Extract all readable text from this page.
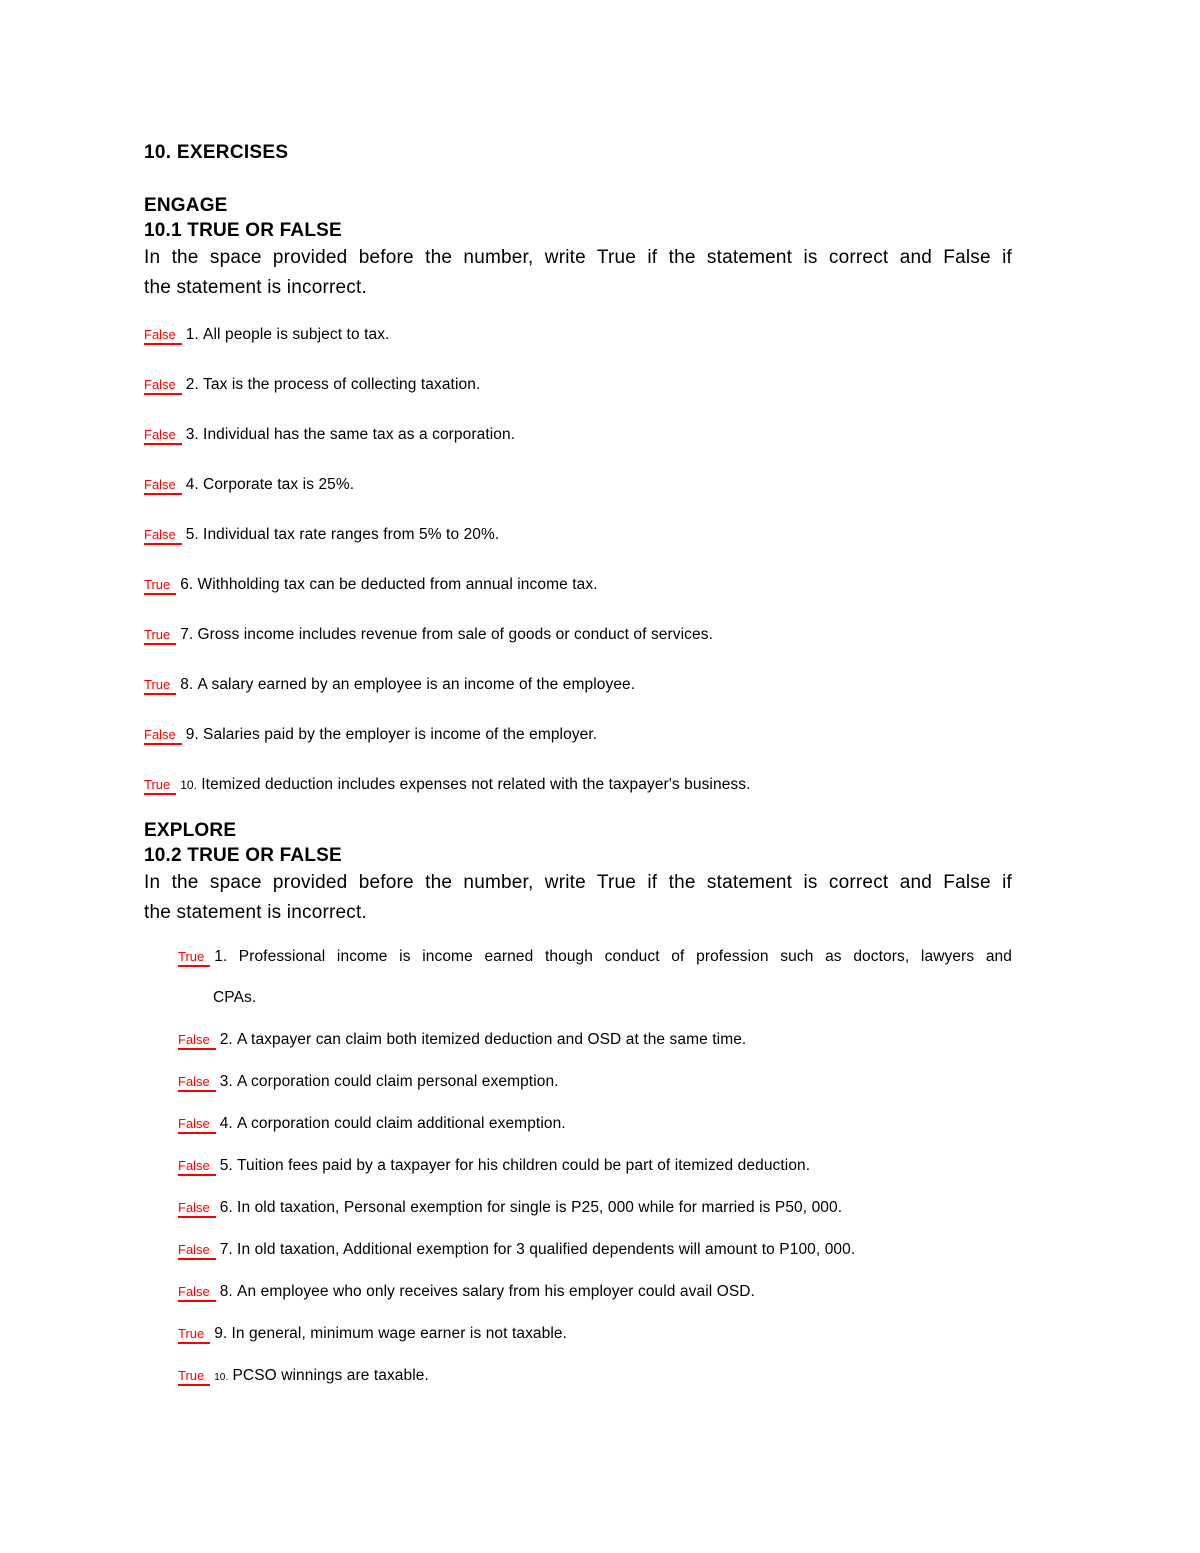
10. EXERCISES
ENGAGE
10.1 TRUE OR FALSE
In the space provided before the number, write True if the statement is correct and False if
the statement is incorrect.
False 1. All people is subject to tax.
False 2. Tax is the process of collecting taxation.
False 3. Individual has the same tax as a corporation.
False 4. Corporate tax is 25%.
False 5. Individual tax rate ranges from 5% to 20%.
True 6. Withholding tax can be deducted from annual income tax.
True 7. Gross income includes revenue from sale of goods or conduct of services.
True 8. A salary earned by an employee is an income of the employee.
False 9. Salaries paid by the employer is income of the employer.
True 10. Itemized deduction includes expenses not related with the taxpayer's business.
EXPLORE
10.2 TRUE OR FALSE
In the space provided before the number, write True if the statement is correct and False if
the statement is incorrect.
True 1. Professional income is income earned though conduct of profession such as doctors, lawyers and
CPAs.
False 2. A taxpayer can claim both itemized deduction and OSD at the same time.
False 3. A corporation could claim personal exemption.
False 4. A corporation could claim additional exemption.
False 5. Tuition fees paid by a taxpayer for his children could be part of itemized deduction.
False 6. In old taxation, Personal exemption for single is P25, 000 while for married is P50, 000.
False 7. In old taxation, Additional exemption for 3 qualified dependents will amount to P100, 000.
False 8. An employee who only receives salary from his employer could avail OSD.
True 9. In general, minimum wage earner is not taxable.
True 10. PCSO winnings are taxable.
